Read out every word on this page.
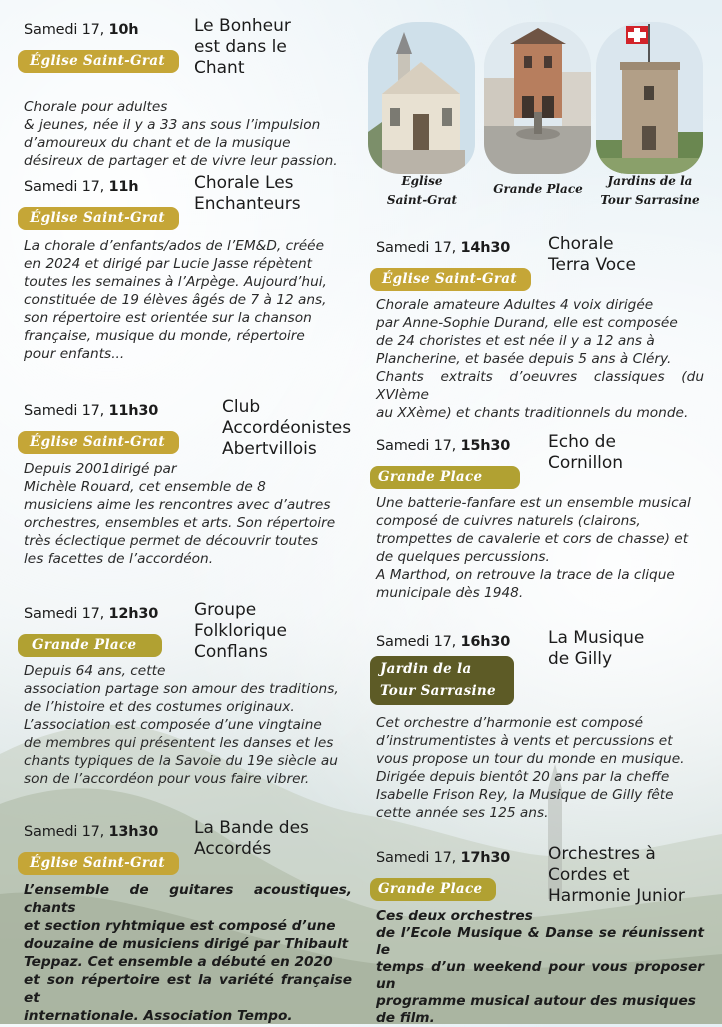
Eglise
Saint-Grat
Grande Place
Jardins de la
Tour Sarrasine
Samedi 17, 10h
Église Saint-Grat
Le Bonheur
est dans le
Chant
Chorale pour adultes
& jeunes, née il y a 33 ans sous l’impulsion
d’amoureux du chant et de la musique
désireux de partager et de vivre leur passion.
Samedi 17, 11h
Église Saint-Grat
Chorale Les
Enchanteurs
La chorale d’enfants/ados de l’EM&D, créée
en 2024 et dirigé par Lucie Jasse répètent
toutes les semaines à l’Arpège. Aujourd’hui,
constituée de 19 élèves âgés de 7 à 12 ans,
son répertoire est orientée sur la chanson
française, musique du monde, répertoire
pour enfants...
Samedi 17, 11h30
Église Saint-Grat
Club
Accordéonistes
Abertvillois
Depuis 2001dirigé par
Michèle Rouard, cet ensemble de 8
musiciens aime les rencontres avec d’autres
orchestres, ensembles et arts. Son répertoire
très éclectique permet de découvrir toutes
les facettes de l’accordéon.
Samedi 17, 12h30
Grande Place
Groupe
Folklorique
Conflans
Depuis 64 ans, cette
association partage son amour des traditions,
de l’histoire et des costumes originaux.
L’association est composée d’une vingtaine
de membres qui présentent les danses et les
chants typiques de la Savoie du 19e siècle au
son de l’accordéon pour vous faire vibrer.
Samedi 17, 13h30
Église Saint-Grat
La Bande des
Accordés
L’ensemble de guitares acoustiques, chants
et section ryhtmique est composé d’une
douzaine de musiciens dirigé par Thibault
Teppaz. Cet ensemble a débuté en 2020
et son répertoire est la variété française et
internationale. Association Tempo.
Samedi 17, 14h30
Église Saint-Grat
Chorale
Terra Voce
Chorale amateure Adultes 4 voix dirigée
par Anne-Sophie Durand, elle est composée
de 24 choristes et est née il y a 12 ans à
Plancherine, et basée depuis 5 ans à Cléry.
Chants extraits d’oeuvres classiques (du XVIème
au XXème) et chants traditionnels du monde.
Samedi 17, 15h30
Grande Place
Echo de
Cornillon
Une batterie-fanfare est un ensemble musical
composé de cuivres naturels (clairons,
trompettes de cavalerie et cors de chasse) et
de quelques percussions.
A Marthod, on retrouve la trace de la clique
municipale dès 1948.
Samedi 17, 16h30
Jardin de la Tour Sarrasine
La Musique
de Gilly
Cet orchestre d’harmonie est composé
d’instrumentistes à vents et percussions et
vous propose un tour du monde en musique.
Dirigée depuis bientôt 20 ans par la cheffe
Isabelle Frison Rey, la Musique de Gilly fête
cette année ses 125 ans.
Samedi 17, 17h30
Grande Place
Orchestres à
Cordes et
Harmonie Junior
Ces deux orchestres
de l’Ecole Musique & Danse se réunissent le
temps d’un weekend pour vous proposer un
programme musical autour des musiques
de film.
